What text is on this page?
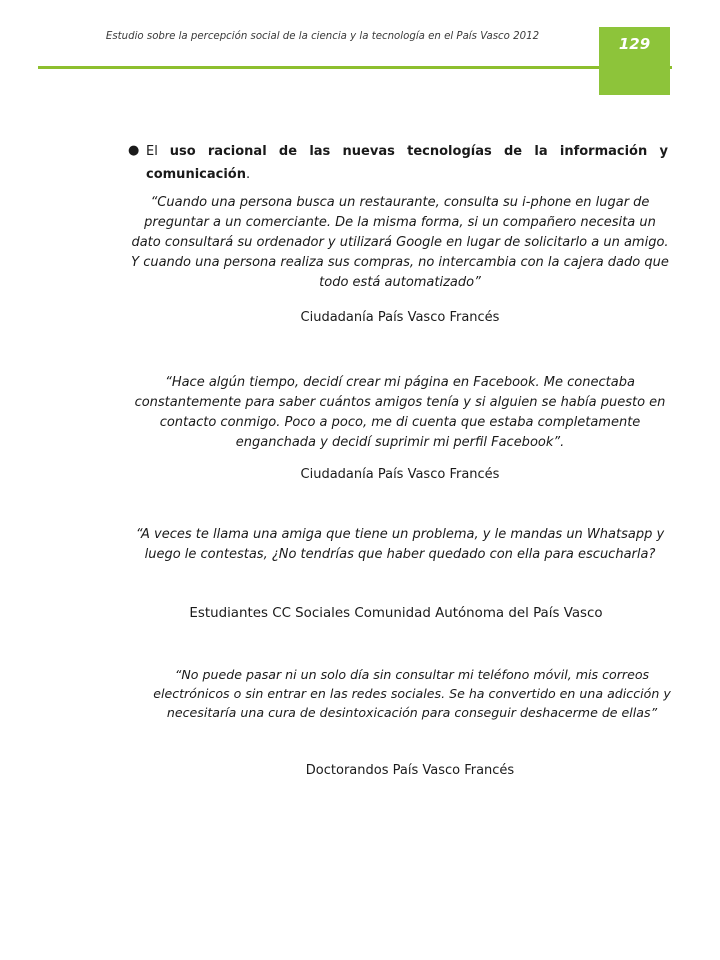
Estudio sobre la percepción social de la ciencia y la tecnología en el País Vasco 2012	129
● El uso racional de las nuevas tecnologías de la información y comunicación.
“Cuando una persona busca un restaurante, consulta su i-phone en lugar de preguntar a un comerciante. De la misma forma, si un compañero necesita un dato consultará su ordenador y utilizará Google en lugar de solicitarlo a un amigo. Y cuando una persona realiza sus compras, no intercambia con la cajera dado que todo está automatizado”
Ciudadanía País Vasco Francés
“Hace algún tiempo, decidí crear mi página en Facebook. Me conectaba constantemente para saber cuántos amigos tenía y si alguien se había puesto en contacto conmigo. Poco a poco, me di cuenta que estaba completamente enganchada y decidí suprimir mi perfil Facebook”.
Ciudadanía País Vasco Francés
“A veces te llama una amiga que tiene un problema, y le mandas un Whatsapp y luego le contestas, ¿No tendrías que haber quedado con ella para escucharla?
Estudiantes CC Sociales Comunidad Autónoma del País Vasco
“No puede pasar ni un solo día sin consultar mi teléfono móvil, mis correos electrónicos o sin entrar en las redes sociales. Se ha convertido en una adicción y necesitaría una cura de desintoxicación para conseguir deshacerme de ellas”
Doctorandos País Vasco Francés
